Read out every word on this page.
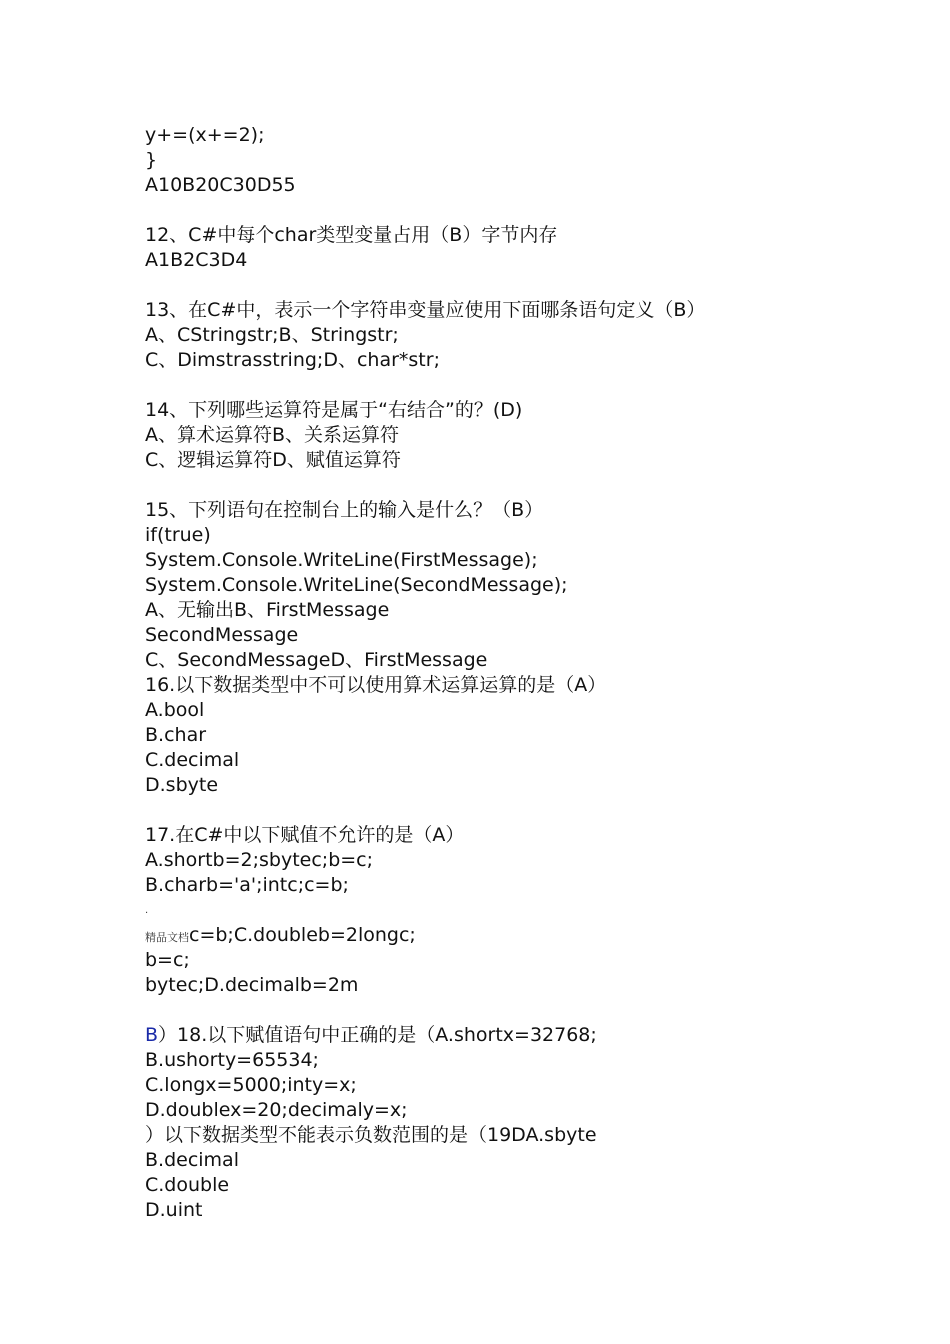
y+=(x+=2);
}
A10B20C30D55
12、C#中每个char类型变量占用（B）字节内存
A1B2C3D4
13、在C#中，表示一个字符串变量应使用下面哪条语句定义（B）
A、CStringstr;B、Stringstr;
C、Dimstrasstring;D、char*str;
14、下列哪些运算符是属于“右结合”的？(D)
A、算术运算符B、关系运算符
C、逻辑运算符D、赋值运算符
15、下列语句在控制台上的输入是什么？（B）
if(true)
System.Console.WriteLine(FirstMessage);
System.Console.WriteLine(SecondMessage);
A、无输出B、FirstMessage
SecondMessage
C、SecondMessageD、FirstMessage
16.以下数据类型中不可以使用算术运算运算的是（A）
A.bool
B.char
C.decimal
D.sbyte
17.在C#中以下赋值不允许的是（A）
A.shortb=2;sbytec;b=c;
B.charb='a';intc;c=b;
.
精品文档c=b;C.doubleb=2longc;
b=c;
bytec;D.decimalb=2m
B）18.以下赋值语句中正确的是（A.shortx=32768;
B.ushorty=65534;
C.longx=5000;inty=x;
D.doublex=20;decimaly=x;
）以下数据类型不能表示负数范围的是（19DA.sbyte
B.decimal
C.double
D.uint
